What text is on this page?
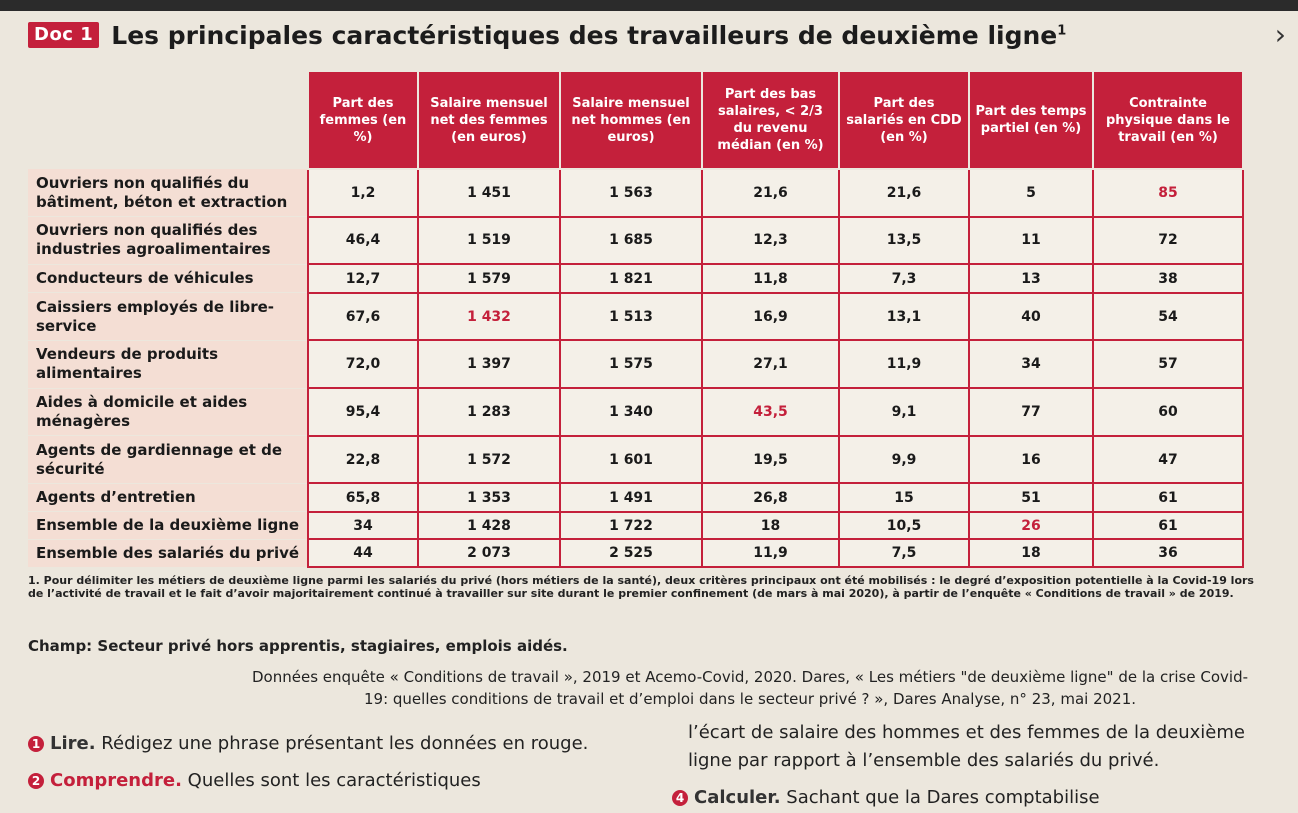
Doc 1 Les principales caractéristiques des travailleurs de deuxième ligne$^1$	›
	Part des femmes (en %)	Salaire mensuel net des femmes (en euros)	Salaire mensuel net hommes (en euros)	Part des bas salaires, < 2/3 du revenu médian (en %)	Part des salariés en CDD (en %)	Part des temps partiel (en %)	Contrainte physique dans le travail (en %)
Ouvriers non qualifiés du bâtiment, béton et extraction	1,2	1 451	1 563	21,6	21,6	5	85
Ouvriers non qualifiés des industries agroalimentaires	46,4	1 519	1 685	12,3	13,5	11	72
Conducteurs de véhicules	12,7	1 579	1 821	11,8	7,3	13	38
Caissiers employés de libre-service	67,6	1 432	1 513	16,9	13,1	40	54
Vendeurs de produits alimentaires	72,0	1 397	1 575	27,1	11,9	34	57
Aides à domicile et aides ménagères	95,4	1 283	1 340	43,5	9,1	77	60
Agents de gardiennage et de sécurité	22,8	1 572	1 601	19,5	9,9	16	47
Agents d’entretien	65,8	1 353	1 491	26,8	15	51	61
Ensemble de la deuxième ligne	34	1 428	1 722	18	10,5	26	61
Ensemble des salariés du privé	44	2 073	2 525	11,9	7,5	18	36
1. Pour délimiter les métiers de deuxième ligne parmi les salariés du privé (hors métiers de la santé), deux critères principaux ont été mobilisés : le degré d’exposition potentielle à la Covid-19 lors de l’activité de travail et le fait d’avoir majoritairement continué à travailler sur site durant le premier confinement (de mars à mai 2020), à partir de l’enquête « Conditions de travail » de 2019.
Champ: Secteur privé hors apprentis, stagiaires, emplois aidés.
Données enquête « Conditions de travail », 2019 et Acemo-Covid, 2020. Dares, « Les métiers "de deuxième ligne" de la crise Covid-19: quelles conditions de travail et d’emploi dans le secteur privé ? », Dares Analyse, n° 23, mai 2021.
1 Lire. Rédigez une phrase présentant les données en rouge.
2 Comprendre. Quelles sont les caractéristiques
l’écart de salaire des hommes et des femmes de la deuxième
ligne par rapport à l’ensemble des salariés du privé.
4 Calculer. Sachant que la Dares comptabilise
